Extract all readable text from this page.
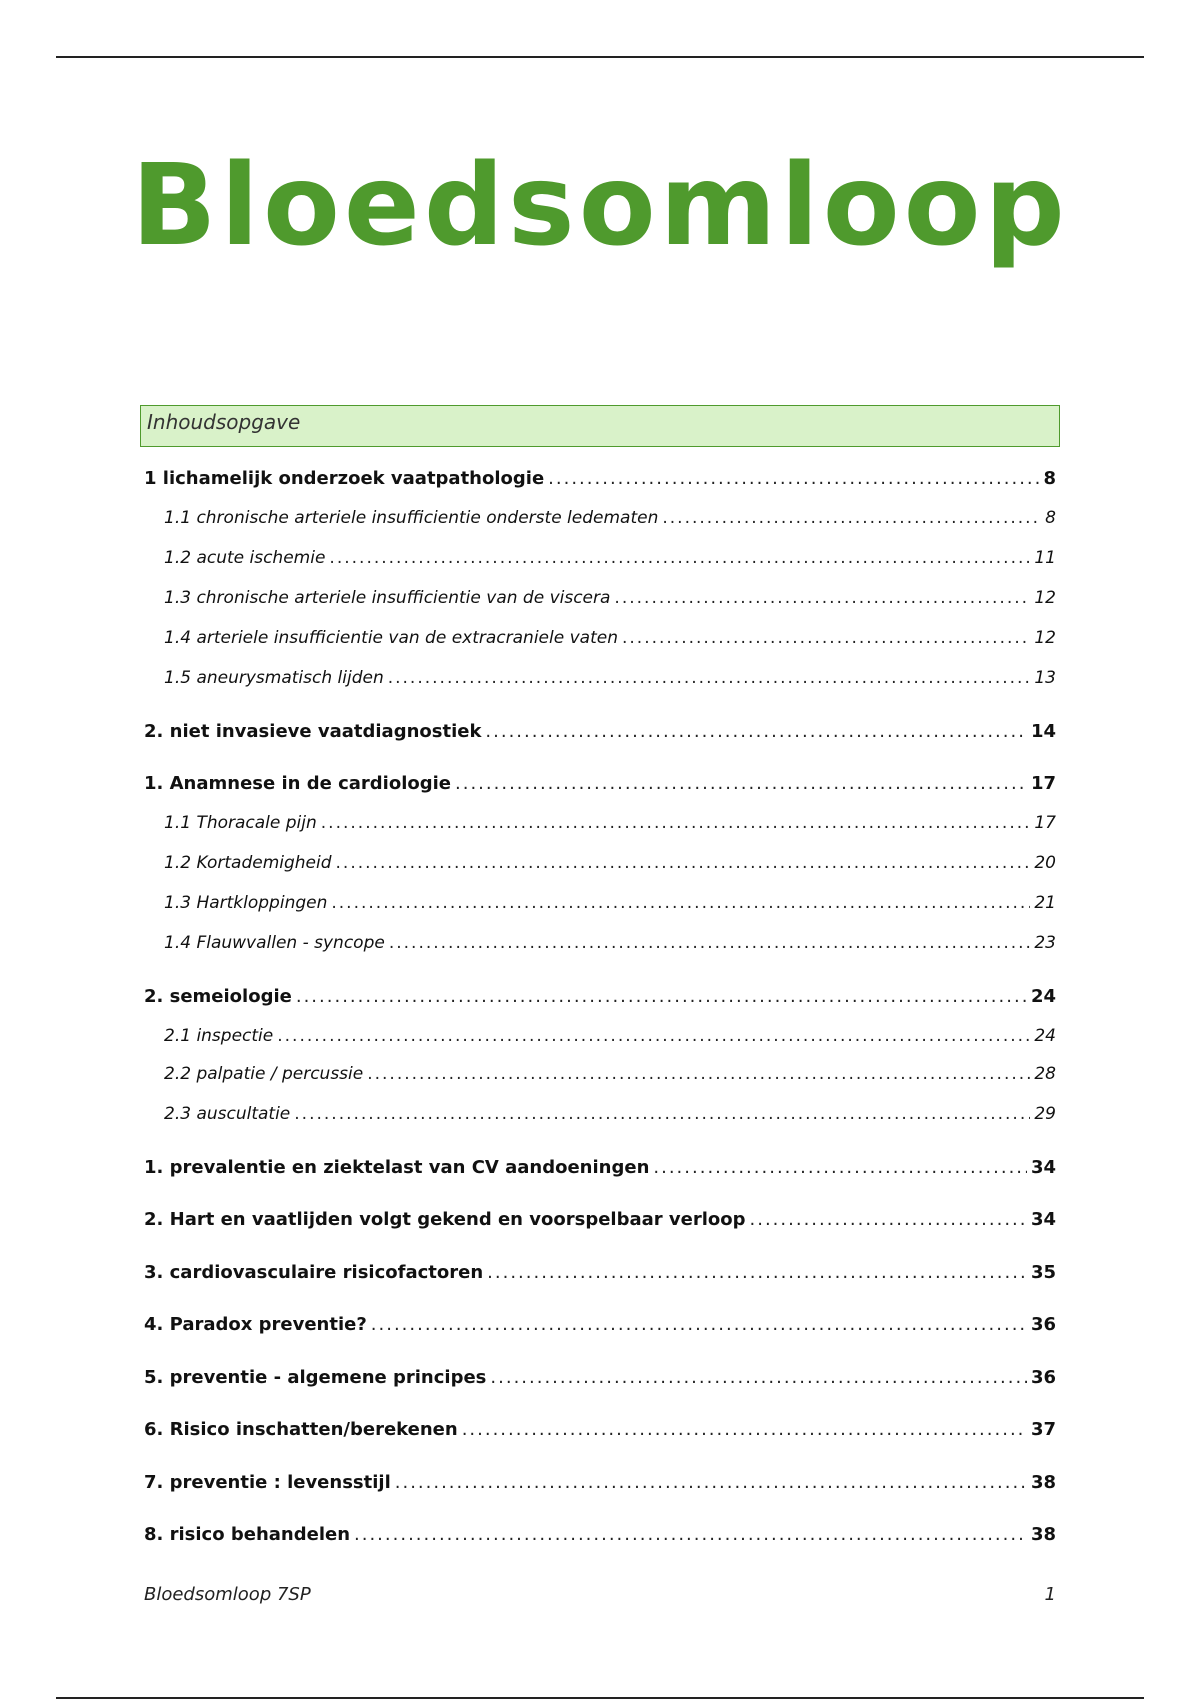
Bloedsomloop
Inhoudsopgave
1 lichamelijk onderzoek vaatpathologie .....	8
1.1 chronische arteriele insufficientie onderste ledematen .....	8
1.2 acute ischemie .....	11
1.3 chronische arteriele insufficientie van de viscera .....	12
1.4 arteriele insufficientie van de extracraniele vaten .....	12
1.5 aneurysmatisch lijden .....	13
2. niet invasieve vaatdiagnostiek .....	14
1. Anamnese in de cardiologie .....	17
1.1 Thoracale pijn .....	17
1.2 Kortademigheid .....	20
1.3 Hartkloppingen .....	21
1.4 Flauwvallen - syncope .....	23
2. semeiologie .....	24
2.1 inspectie .....	24
2.2 palpatie / percussie .....	28
2.3 auscultatie .....	29
1. prevalentie en ziektelast van CV aandoeningen .....	34
2. Hart en vaatlijden volgt gekend en voorspelbaar verloop .....	34
3. cardiovasculaire risicofactoren .....	35
4. Paradox preventie? .....	36
5. preventie - algemene principes .....	36
6. Risico inschatten/berekenen .....	37
7. preventie : levensstijl .....	38
8. risico behandelen .....	38
Bloedsomloop 7SP	1
